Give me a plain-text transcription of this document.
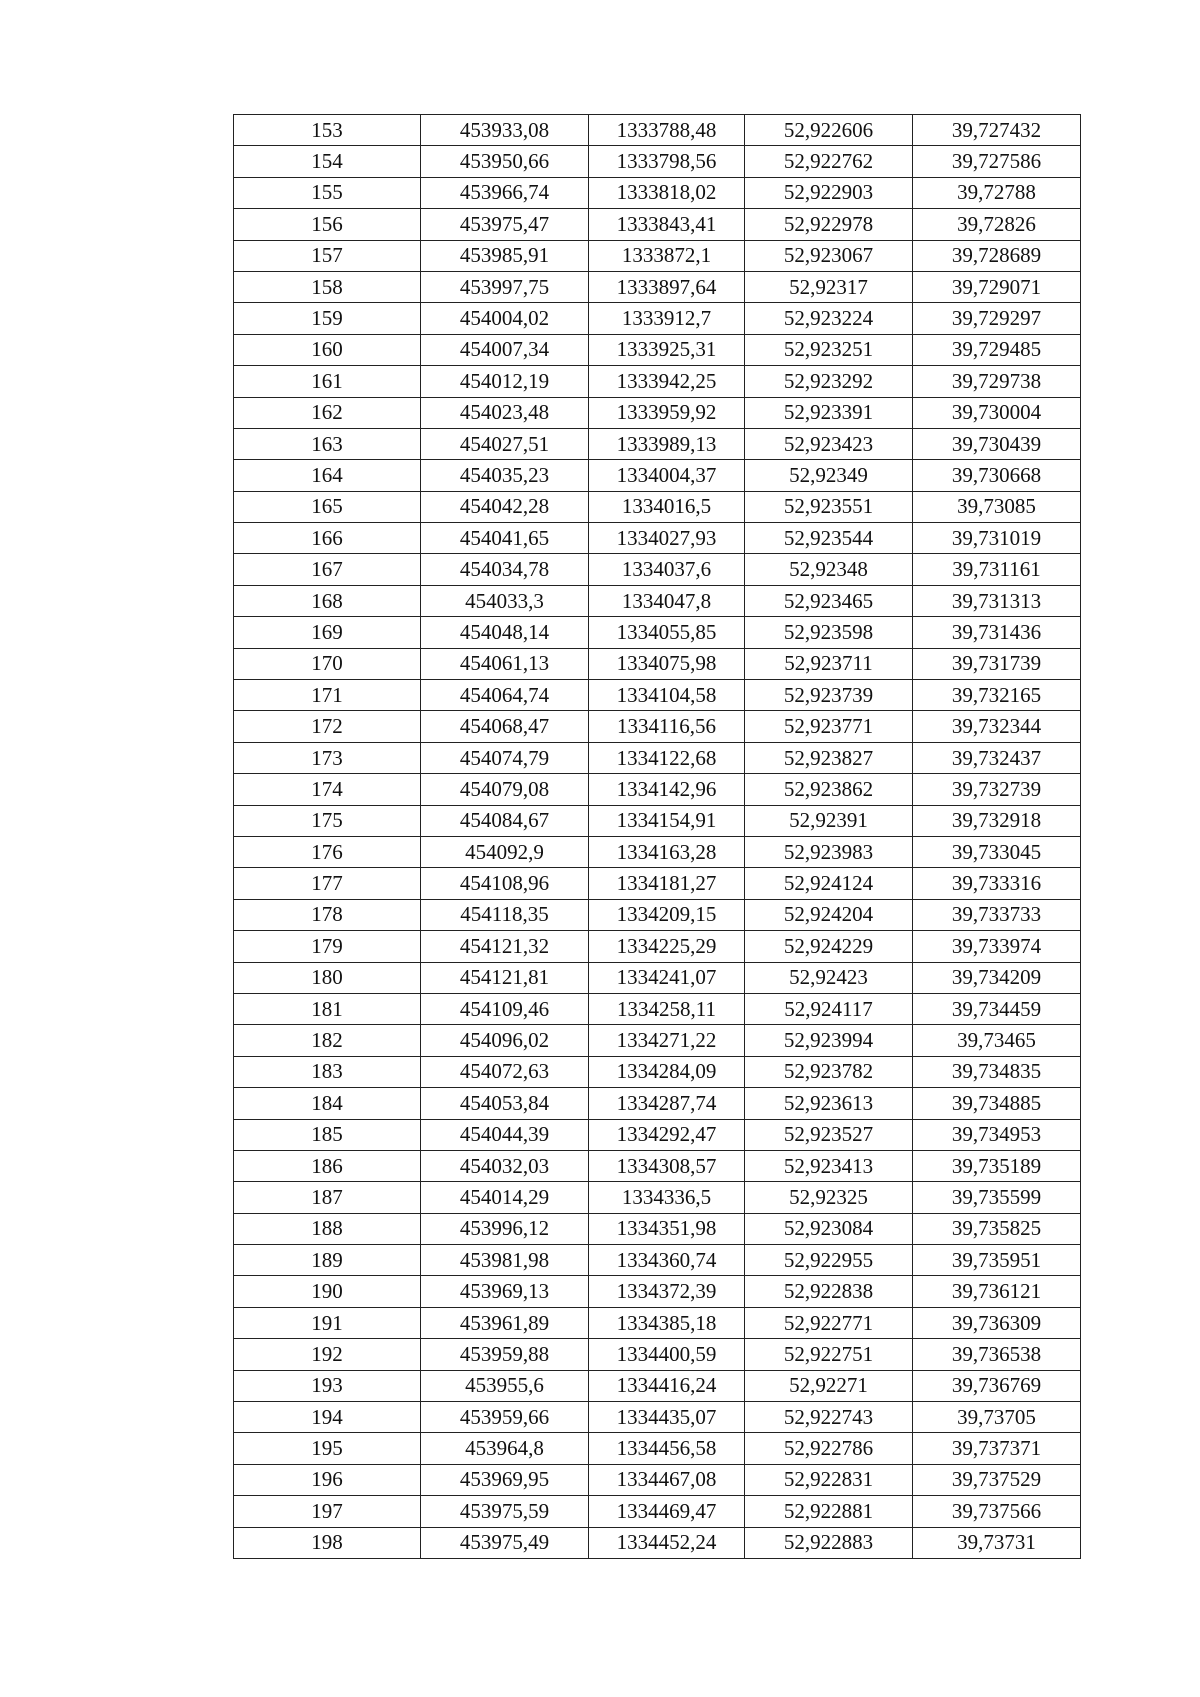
153	453933,08	1333788,48	52,922606	39,727432
154	453950,66	1333798,56	52,922762	39,727586
155	453966,74	1333818,02	52,922903	39,72788
156	453975,47	1333843,41	52,922978	39,72826
157	453985,91	1333872,1	52,923067	39,728689
158	453997,75	1333897,64	52,92317	39,729071
159	454004,02	1333912,7	52,923224	39,729297
160	454007,34	1333925,31	52,923251	39,729485
161	454012,19	1333942,25	52,923292	39,729738
162	454023,48	1333959,92	52,923391	39,730004
163	454027,51	1333989,13	52,923423	39,730439
164	454035,23	1334004,37	52,92349	39,730668
165	454042,28	1334016,5	52,923551	39,73085
166	454041,65	1334027,93	52,923544	39,731019
167	454034,78	1334037,6	52,92348	39,731161
168	454033,3	1334047,8	52,923465	39,731313
169	454048,14	1334055,85	52,923598	39,731436
170	454061,13	1334075,98	52,923711	39,731739
171	454064,74	1334104,58	52,923739	39,732165
172	454068,47	1334116,56	52,923771	39,732344
173	454074,79	1334122,68	52,923827	39,732437
174	454079,08	1334142,96	52,923862	39,732739
175	454084,67	1334154,91	52,92391	39,732918
176	454092,9	1334163,28	52,923983	39,733045
177	454108,96	1334181,27	52,924124	39,733316
178	454118,35	1334209,15	52,924204	39,733733
179	454121,32	1334225,29	52,924229	39,733974
180	454121,81	1334241,07	52,92423	39,734209
181	454109,46	1334258,11	52,924117	39,734459
182	454096,02	1334271,22	52,923994	39,73465
183	454072,63	1334284,09	52,923782	39,734835
184	454053,84	1334287,74	52,923613	39,734885
185	454044,39	1334292,47	52,923527	39,734953
186	454032,03	1334308,57	52,923413	39,735189
187	454014,29	1334336,5	52,92325	39,735599
188	453996,12	1334351,98	52,923084	39,735825
189	453981,98	1334360,74	52,922955	39,735951
190	453969,13	1334372,39	52,922838	39,736121
191	453961,89	1334385,18	52,922771	39,736309
192	453959,88	1334400,59	52,922751	39,736538
193	453955,6	1334416,24	52,92271	39,736769
194	453959,66	1334435,07	52,922743	39,73705
195	453964,8	1334456,58	52,922786	39,737371
196	453969,95	1334467,08	52,922831	39,737529
197	453975,59	1334469,47	52,922881	39,737566
198	453975,49	1334452,24	52,922883	39,73731
